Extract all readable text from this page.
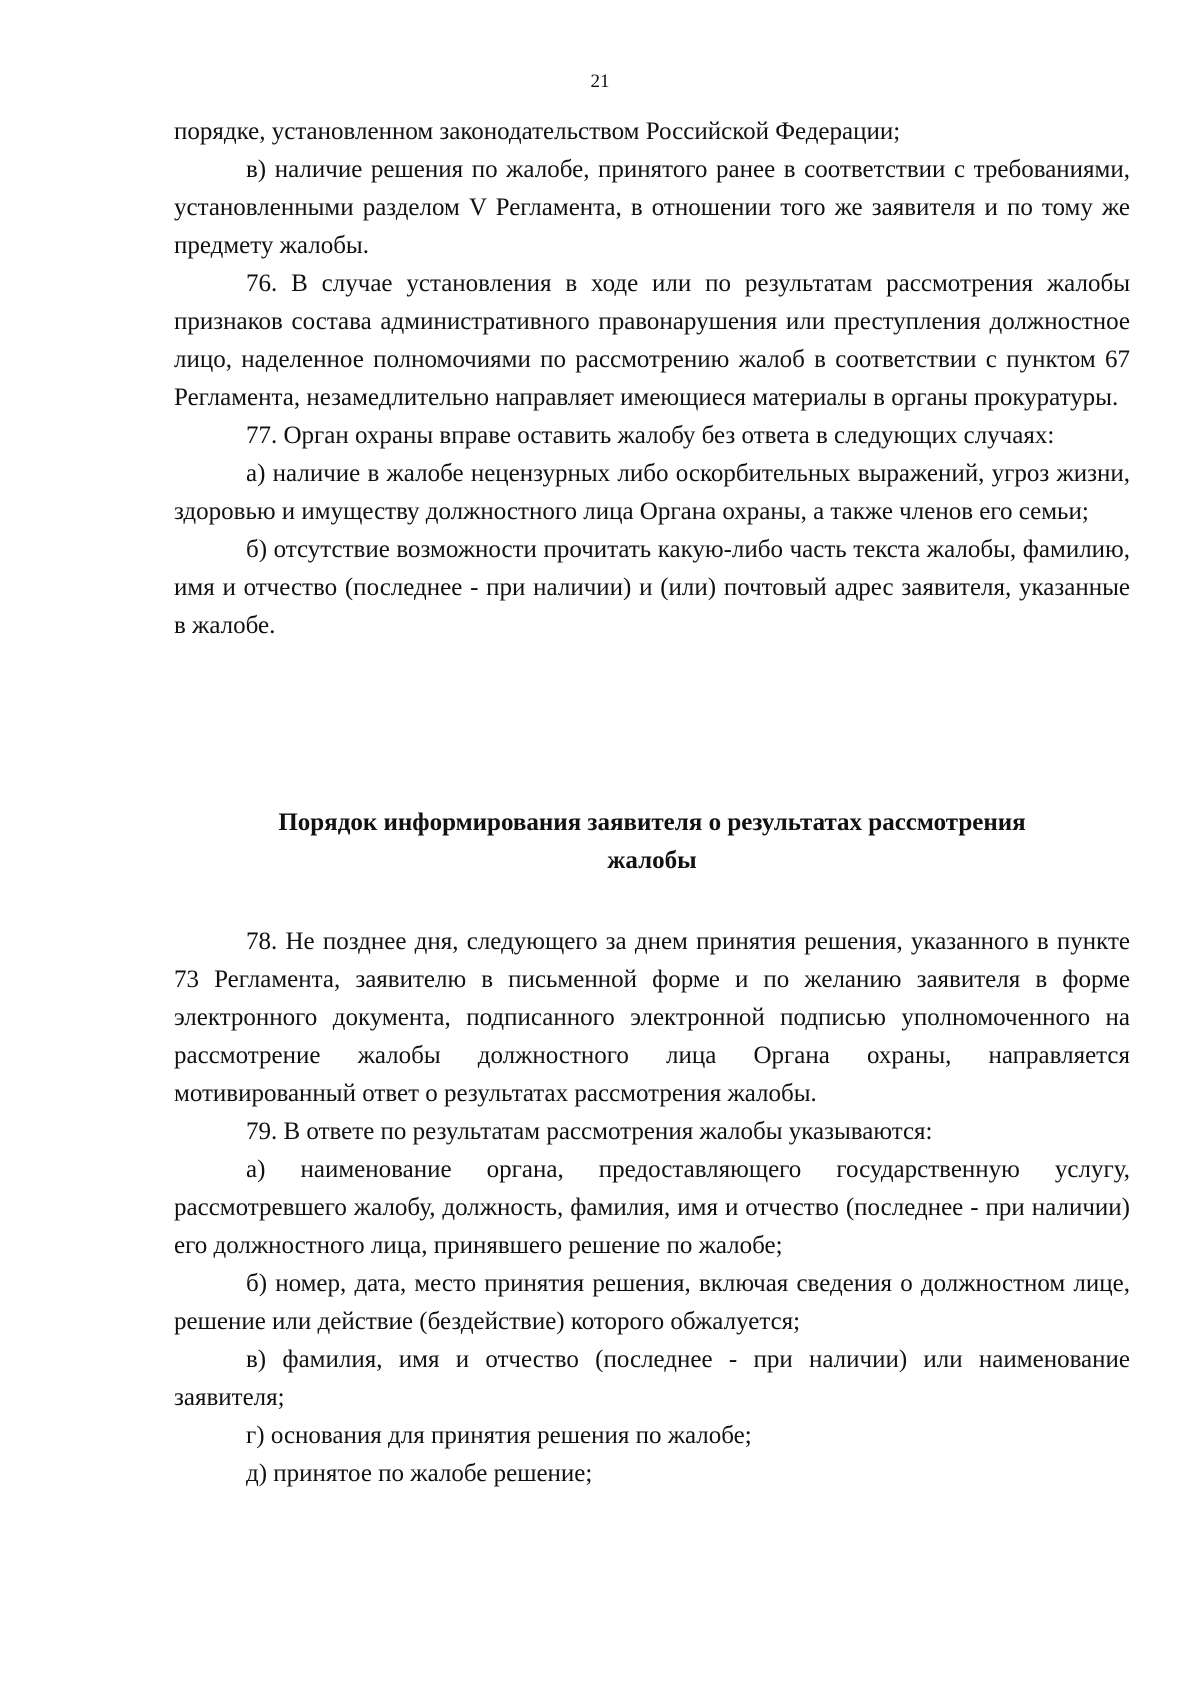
21

порядке, установленном законодательством Российской Федерации;

в) наличие решения по жалобе, принятого ранее в соответствии с требованиями, установленными разделом V Регламента, в отношении того же заявителя и по тому же предмету жалобы.

76. В случае установления в ходе или по результатам рассмотрения жалобы признаков состава административного правонарушения или преступления должностное лицо, наделенное полномочиями по рассмотрению жалоб в соответствии с пунктом 67 Регламента, незамедлительно направляет имеющиеся материалы в органы прокуратуры.

77. Орган охраны вправе оставить жалобу без ответа в следующих случаях:

а) наличие в жалобе нецензурных либо оскорбительных выражений, угроз жизни, здоровью и имуществу должностного лица Органа охраны, а также членов его семьи;

б) отсутствие возможности прочитать какую-либо часть текста жалобы, фамилию, имя и отчество (последнее - при наличии) и (или) почтовый адрес заявителя, указанные в жалобе.

Порядок информирования заявителя о результатах рассмотрения
жалобы

78. Не позднее дня, следующего за днем принятия решения, указанного в пункте 73 Регламента, заявителю в письменной форме и по желанию заявителя в форме электронного документа, подписанного электронной подписью уполномоченного на рассмотрение жалобы должностного лица Органа охраны, направляется мотивированный ответ о результатах рассмотрения жалобы.

79. В ответе по результатам рассмотрения жалобы указываются:

а) наименование органа, предоставляющего государственную услугу, рассмотревшего жалобу, должность, фамилия, имя и отчество (последнее - при наличии) его должностного лица, принявшего решение по жалобе;

б) номер, дата, место принятия решения, включая сведения о должностном лице, решение или действие (бездействие) которого обжалуется;

в) фамилия, имя и отчество (последнее - при наличии) или наименование заявителя;

г) основания для принятия решения по жалобе;

д) принятое по жалобе решение;
